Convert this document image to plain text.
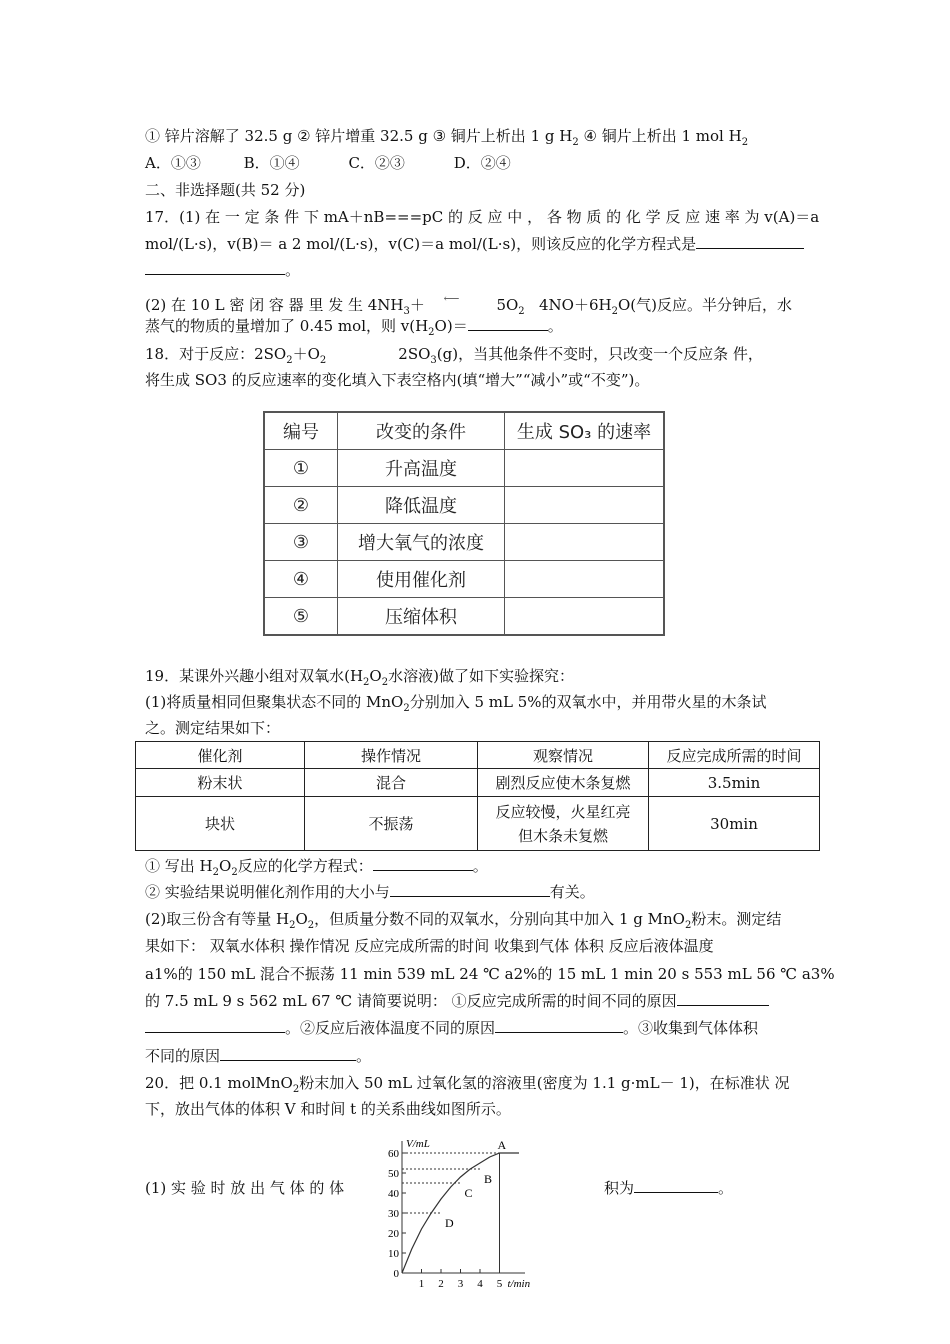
① 锌片溶解了 32.5 g ② 锌片增重 32.5 g ③ 铜片上析出 1 g $H_2$ ④ 铜片上析出 1 mol $H_2$
A．①③	B．①④	C．②③	D．②④
二、非选择题(共 52 分)
17．(1) 在 一 定 条 件 下 mA＋nB===pC 的 反 应 中 ， 各 物 质 的 化 学 反 应 速 率 为 v(A)＝a
mol/(L·s)，v(B)＝ a 2 mol/(L·s)，v(C)＝a mol/(L·s)，则该反应的化学方程式是
。
(2) 在 10 L 密 闭 容 器 里 发 生 $4NH_3+$ ⟵ $5O_2$ $4NO+6H_2O$(气)反应。半分钟后，水
蒸气的物质的量增加了 0.45 mol，则 $v(H_2O)=$	。
18．对于反应：$2SO_2+O_2$	$2SO_3(g)$，当其他条件不变时，只改变一个反应条 件，
将生成 SO3 的反应速率的变化填入下表空格内(填“增大”“减小”或“不变”)。
编号	改变的条件	生成 SO₃ 的速率
①	升高温度	
②	降低温度	
③	增大氧气的浓度	
④	使用催化剂	
⑤	压缩体积	
19．某课外兴趣小组对双氧水($H_2O_2$水溶液)做了如下实验探究：
(1)将质量相同但聚集状态不同的 MnO$_2$分别加入 5 mL 5%的双氧水中，并用带火星的木条试
之。测定结果如下：
催化剂	操作情况	观察情况	反应完成所需的时间
粉末状	混合	剧烈反应使木条复燃	3.5min
块状	不振荡	反应较慢，火星红亮
但木条未复燃	30min
① 写出 $H_2O_2$反应的化学方程式：	。
② 实验结果说明催化剂作用的大小与	有关。
(2)取三份含有等量 $H_2O_2$，但质量分数不同的双氧水，分别向其中加入 1 g MnO$_2$粉末。测定结
果如下： 双氧水体积 操作情况 反应完成所需的时间 收集到气体 体积 反应后液体温度
a1%的 150 mL 混合不振荡 11 min 539 mL 24 ℃ a2%的 15 mL 1 min 20 s 553 mL 56 ℃ a3%
的 7.5 mL 9 s 562 mL 67 ℃ 请简要说明： ①反应完成所需的时间不同的原因
。②反应后液体温度不同的原因	。③收集到气体体积
不同的原因	。
20．把 0.1 molMnO$_2$粉末加入 50 mL 过氧化氢的溶液里(密度为 1.1 g·mL－ 1)，在标准状 况
下，放出气体的体积 V 和时间 t 的关系曲线如图所示。
(1) 实 验 时 放 出 气 体 的 体	积为	。
V/mL
t/min
0
10
20
30
40
50
60
1 2 3 4 5
D
C
B
A
